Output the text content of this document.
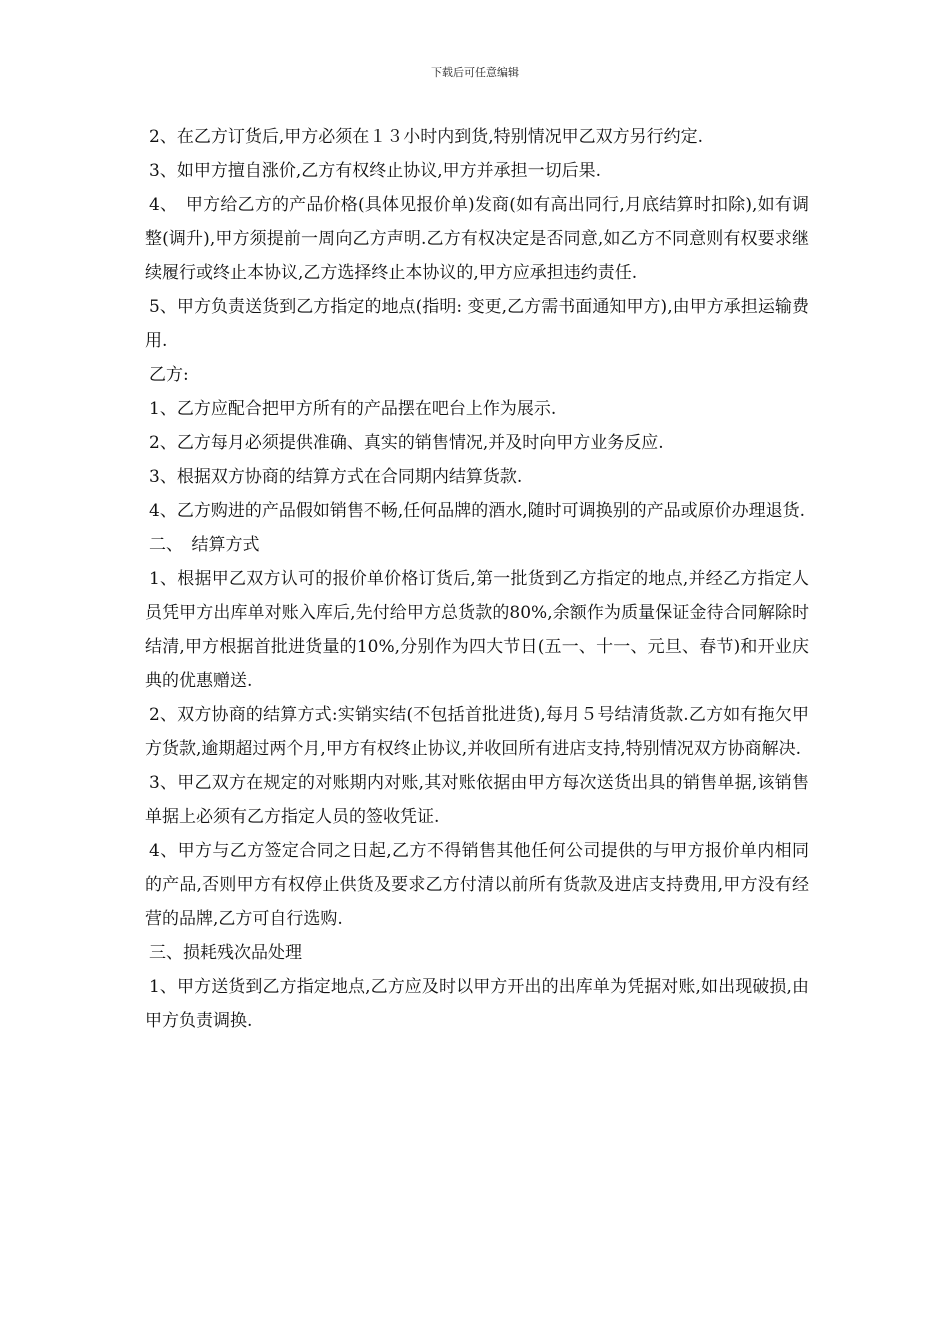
下载后可任意编辑

2、在乙方订货后,甲方必须在１３小时内到货,特别情况甲乙双方另行约定.

3、如甲方擅自涨价,乙方有权终止协议,甲方并承担一切后果.

4、　甲方给乙方的产品价格(具体见报价单)发商(如有高出同行,月底结算时扣除),如有调整(调升),甲方须提前一周向乙方声明.乙方有权决定是否同意,如乙方不同意则有权要求继续履行或终止本协议,乙方选择终止本协议的,甲方应承担违约责任.

5、甲方负责送货到乙方指定的地点(指明: 变更,乙方需书面通知甲方),由甲方承担运输费用.

乙方:

1、乙方应配合把甲方所有的产品摆在吧台上作为展示.

2、乙方每月必须提供准确、真实的销售情况,并及时向甲方业务反应.

3、根据双方协商的结算方式在合同期内结算货款.

4、乙方购进的产品假如销售不畅,任何品牌的酒水,随时可调换别的产品或原价办理退货.

二、　结算方式

1、根据甲乙双方认可的报价单价格订货后,第一批货到乙方指定的地点,并经乙方指定人员凭甲方出库单对账入库后,先付给甲方总货款的80%,余额作为质量保证金待合同解除时结清,甲方根据首批进货量的10%,分别作为四大节日(五一、十一、元旦、春节)和开业庆典的优惠赠送.

2、双方协商的结算方式:实销实结(不包括首批进货),每月５号结清货款.乙方如有拖欠甲方货款,逾期超过两个月,甲方有权终止协议,并收回所有进店支持,特别情况双方协商解决.

3、甲乙双方在规定的对账期内对账,其对账依据由甲方每次送货出具的销售单据,该销售单据上必须有乙方指定人员的签收凭证.

4、甲方与乙方签定合同之日起,乙方不得销售其他任何公司提供的与甲方报价单内相同的产品,否则甲方有权停止供货及要求乙方付清以前所有货款及进店支持费用,甲方没有经营的品牌,乙方可自行选购.

三、损耗残次品处理

1、甲方送货到乙方指定地点,乙方应及时以甲方开出的出库单为凭据对账,如出现破损,由甲方负责调换.
